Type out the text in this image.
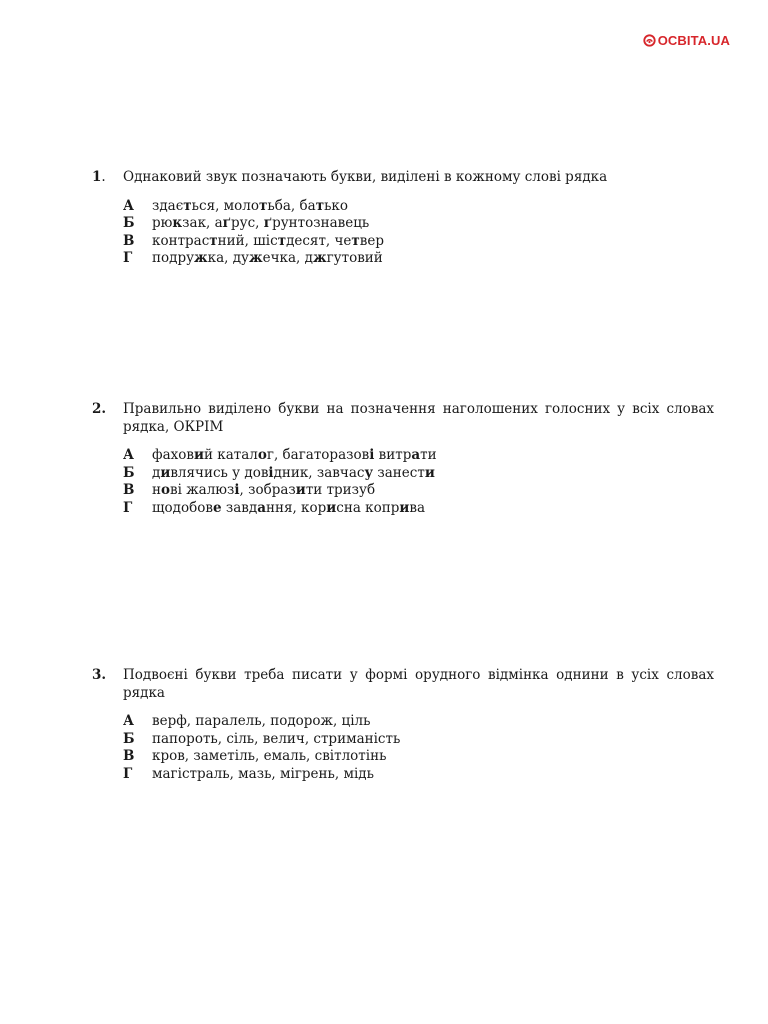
ОСВІТА.UA
1.	Однаковий звук позначають букви, виділені в кожному слові рядка
А	здається, молотьба, батько
Б	рюкзак, аґрус, ґрунтознавець
В	контрастний, шістдесят, четвер
Г	подружка, дужечка, джгутовий
2.	Правильно виділено букви на позначення наголошених голосних у всіх словах рядка, ОКРІМ
А	фаховий каталог, багаторазові витрати
Б	дивлячись у довідник, завчасу занести
В	нові жалюзі, зобразити тризуб
Г	щодобове завдання, корисна коприва
3.	Подвоєні букви треба писати у формі орудного відмінка однини в усіх словах рядка
А	верф, паралель, подорож, ціль
Б	папороть, сіль, велич, стриманість
В	кров, заметіль, емаль, світлотінь
Г	магістраль, мазь, мігрень, мідь
